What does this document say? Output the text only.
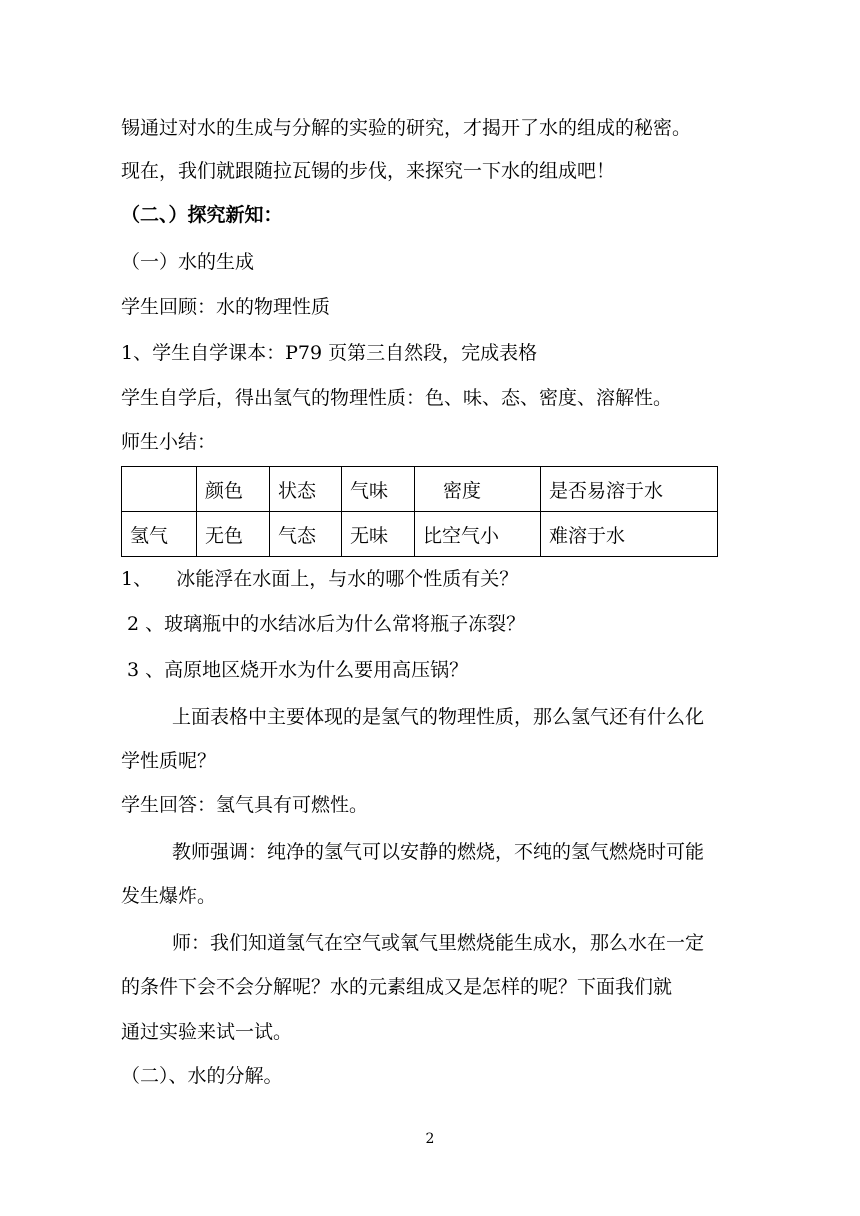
锡通过对水的生成与分解的实验的研究，才揭开了水的组成的秘密。
现在，我们就跟随拉瓦锡的步伐，来探究一下水的组成吧！
（二、）探究新知：
（一）水的生成
学生回顾：水的物理性质
1、学生自学课本：P79 页第三自然段，完成表格
学生自学后，得出氢气的物理性质：色、味、态、密度、溶解性。
师生小结：
	颜色	状态	气味	密度	是否易溶于水
氢气	无色	气态	无味	比空气小	难溶于水
1、    冰能浮在水面上，与水的哪个性质有关？
2 、玻璃瓶中的水结冰后为什么常将瓶子冻裂？
3 、高原地区烧开水为什么要用高压锅？
上面表格中主要体现的是氢气的物理性质，那么氢气还有什么化
学性质呢？
学生回答：氢气具有可燃性。
教师强调：纯净的氢气可以安静的燃烧，不纯的氢气燃烧时可能
发生爆炸。
师：我们知道氢气在空气或氧气里燃烧能生成水，那么水在一定
的条件下会不会分解呢？水的元素组成又是怎样的呢？下面我们就
通过实验来试一试。
（二）、水的分解。
2
